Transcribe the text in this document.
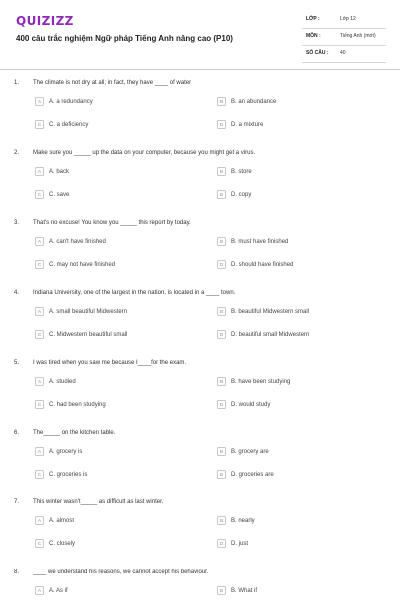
QUIZIZZ
400 câu trắc nghiệm Ngữ pháp Tiếng Anh nâng cao (P10)
LỚP :	Lớp 12
MÔN :	Tiếng Anh (mới)
SỐ CÂU : 40
1. The climate is not dry at all; in fact, they have ____ of water
A	A. a redundancy	B	B. an abundance
C	C. a deficiency	D	D. a mixture
2. Make sure you _____ up the data on your computer, because you might get a virus.
A	A. back	B	B. store
C	C. save	D	D. copy
3. That's no excuse! You know you _____ this report by today.
A	A. can't have finished	B	B. must have finished
C	C. may not have finished	D	D. should have finished
4. Indiana University, one of the largest in the nation, is located in a ____ town.
A	A. small beautiful Midwestern	B	B. beautiful Midwestern small
C	C. Midwestern beautiful small	D	D. beautiful small Midwestern
5. I was tired when you saw me because I____for the exam.
A	A. studied	B	B. have been studying
C	C. had been studying	D	D. would study
6. The_____ on the kitchen table.
A	A. grocery is	B	B. grocery are
C	C. groceries is	D	D. groceries are
7. This winter wasn't_____ as difficult as last winter.
A	A. almost	B	B. nearly
C	C. closely	D	D. just
8. ____ we understand his reasons, we cannot accept his behaviour.
A	A. As if	B	B. What if
